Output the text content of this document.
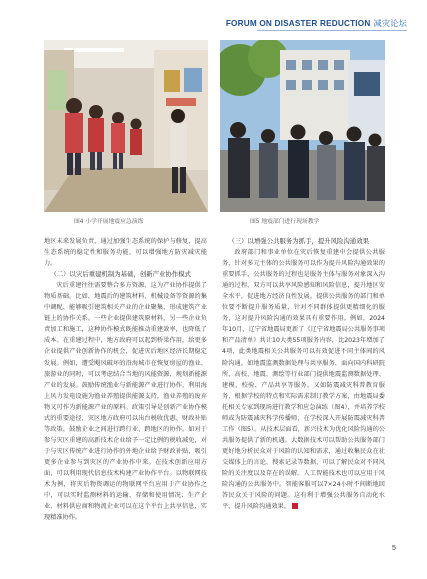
FORUM ON DISASTER REDUCTION 减灾论坛
图4 小学开展地震应急演练	图5 地震部门进行现场教学

地区未来发展负责，通过加强生态系统的保护与修复，提高生态系统的稳定性和服务功能，可以增强地方防灾减灾能力。

（二）以灾后重建机制为基础，创新产业协作模式

灾后重建往往需要整合多方资源，这为产业协作提供了物质基础。比如，地震后的建筑材料、机械设备等资源的集中调配，能够吸引建筑相关产业的企业聚集，形成建筑产业链上的协作关系。一些企业提供建筑原材料，另一些企业负责加工和施工，这种协作模式既能推动重建效率，也降低了成本。在重建过程中，地方政府可以起到桥梁作用，给更多企业提供产业创新协作的机会，促进灾后地区经济长期稳定发展。例如，遭受飓风破坏的沿海城市在恢复房屋的渔业、旅游业的同时，可以考虑结合当地的风能资源，规划新能源产业的发展。鼓励传统渔业与新能源产业进行协作，利用海上风力发电设施为渔业养殖提供能源支持，渔业养殖的废弃物又可作为新能源产业的原料。政策引导是创新产业协作模式的重要途径，灾区地方政府可以出台税收优惠、财政补贴等政策，鼓励企业之间进行跨行业、跨地区的协作。如对于参与灾区重建的高新技术企业给予一定比例的税收减免，对于与灾区传统产业进行协作的外地企业给予财政补贴，吸引更多企业参与到灾区的产业协作中来。在技术创新应用方面，可以利用现代信息技术构建产业协作平台。以物联网技术为例，将灾后物资调运的物联网平台应用于产业协作之中，可以实时监测材料的运输、存储和使用情况；生产企业、材料供应商和物流企业可以在这个平台上共享信息，实现精准协作。

（三）以增强公共服务为抓手，提升风险沟通效果

政府部门和事业单位在灾后恢复重建中会提供公共服务，针对多元主体的公共服务可以作为提升风险沟通效果的重要抓手，公共服务的过程也是服务主体与服务对象深入沟通的过程，双方可以共享风险感知和风险信息，提升地区安全水平，促进地方经济良性发展。提供公共服务的部门和单位要不断提升服务质量，针对不同群体提供更精细化的服务，这对提升风险沟通的效果具有重要作用。例如，2024年10月，辽宁省地震局更新了《辽宁省地震局公共服务事项和产品清单》共计10大类55项服务内容，比2023年增加了4项，此类地震相关公共服务可以有效促进不同主体间的风险沟通，如地震监测数据处理与共享服务，面向国内科研院所、高校、地震、测绘等行业部门提供地震监测数据处理、建模、校验、产品共享等服务。又如防震减灾科普教育服务，根据学校的特点和实际需求制订教学方案，由地震局委托相关专家到现场进行教学和应急演练（图4），并培养学校师或为防震减灾科学传播师，在学校深入开展防震减灾科普工作（图5）。从技术层面看，新兴技术为优化风险沟通的公共服务提供了新的机遇。大数据技术可以帮助公共服务部门更好地分析民众对于风险的认知和需求，通过收集民众在社交媒体上的言论、搜索记录等数据，可以了解民众对不同风险的关注度以及存在的误解。人工智能技术也可以应用于风险沟通的公共服务中。智能客服可以7×24小时不间断地回答民众关于风险的问题。这有利于增强公共服务自动化水平，提升风险沟通效果。

5
